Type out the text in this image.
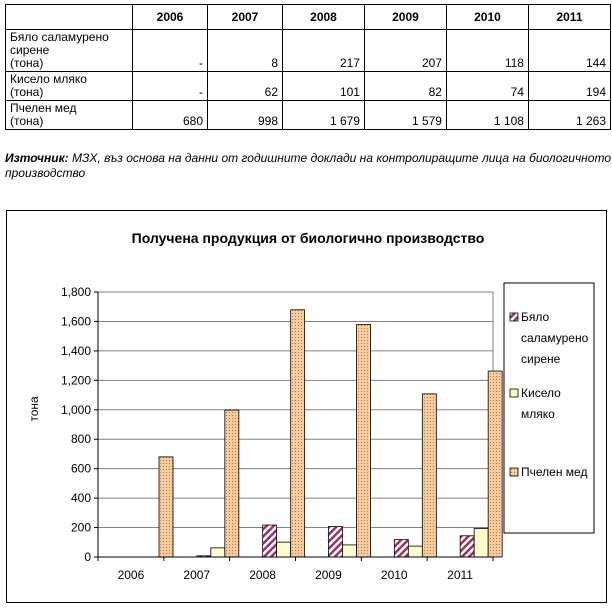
	2006	2007	2008	2009	2010	2011

Бяло саламурено
сирене
(тона)	-	8	217	207	118	144

Кисело мляко
(тона)	-	62	101	82	74	194

Пчелен мед
(тона)	680	998	1 679	1 579	1 108	1 263
Източник: МЗХ, въз основа на данни от годишните доклади на контролиращите лица на биологичното производство
Получена продукция от биологично производство
тона
0
200
400
600
800
1,000
1,200
1,400
1,600
1,800
2006	2007	2008	2009	2010	2011
Бяло
саламурено
сирене
Кисело
мляко
Пчелен мед
